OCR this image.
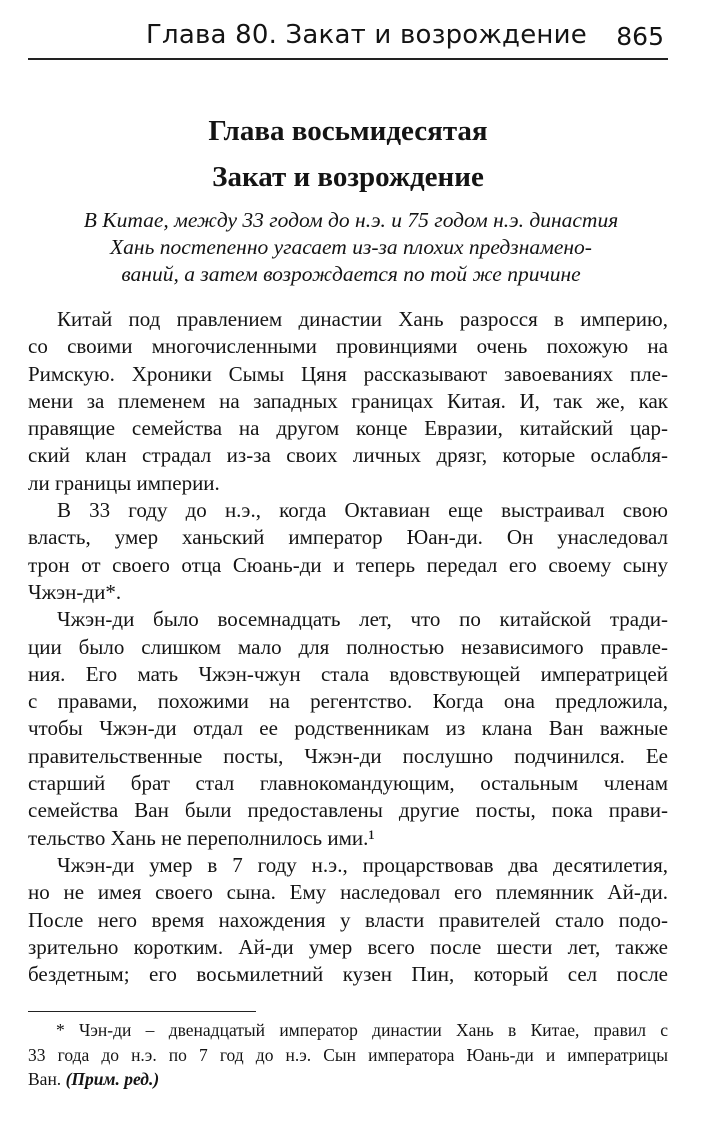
Глава 80. Закат и возрождение 865
Глава восьмидесятая
Закат и возрождение
В Китае, между 33 годом до н.э. и 75 годом н.э. династия
Хань постепенно угасает из-за плохих предзнамено-
ваний, а затем возрождается по той же причине
Китай под правлением династии Хань разросся в империю,
со своими многочисленными провинциями очень похожую на
Римскую. Хроники Сымы Цяня рассказывают завоеваниях пле-
мени за племенем на западных границах Китая. И, так же, как
правящие семейства на другом конце Евразии, китайский цар-
ский клан страдал из-за своих личных дрязг, которые ослабля-
ли границы империи.
В 33 году до н.э., когда Октавиан еще выстраивал свою
власть, умер ханьский император Юан-ди. Он унаследовал
трон от своего отца Сюань-ди и теперь передал его своему сыну
Чжэн-ди*.
Чжэн-ди было восемнадцать лет, что по китайской тради-
ции было слишком мало для полностью независимого правле-
ния. Его мать Чжэн-чжун стала вдовствующей императрицей
с правами, похожими на регентство. Когда она предложила,
чтобы Чжэн-ди отдал ее родственникам из клана Ван важные
правительственные посты, Чжэн-ди послушно подчинился. Ее
старший брат стал главнокомандующим, остальным членам
семейства Ван были предоставлены другие посты, пока прави-
тельство Хань не переполнилось ими.¹
Чжэн-ди умер в 7 году н.э., процарствовав два десятилетия,
но не имея своего сына. Ему наследовал его племянник Ай-ди.
После него время нахождения у власти правителей стало подо-
зрительно коротким. Ай-ди умер всего после шести лет, также
бездетным; его восьмилетний кузен Пин, который сел после
* Чэн-ди – двенадцатый император династии Хань в Китае, правил с
33 года до н.э. по 7 год до н.э. Сын императора Юань-ди и императрицы
Ван. (Прим. ред.)
